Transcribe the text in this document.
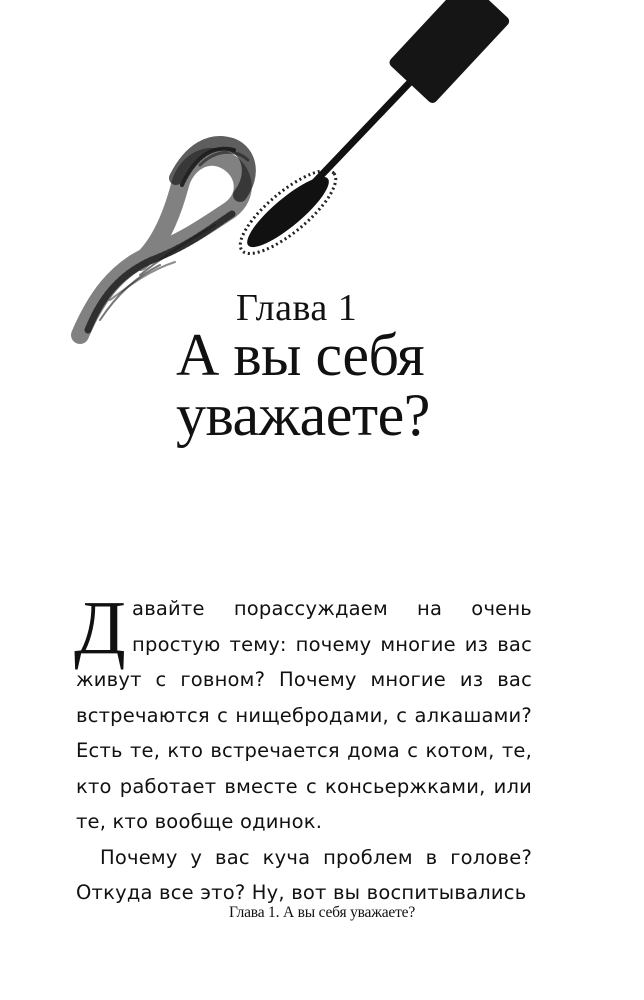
Глава 1
А вы себя
уважаете?

Давайте порассуждаем на очень простую тему: почему многие из вас живут с говном? Почему многие из вас встречаются с нищебродами, с алкашами? Есть те, кто встречается дома с котом, те, кто работает вместе с консьержками, или те, кто вообще одинок.

Почему у вас куча проблем в голове? Откуда все это? Ну, вот вы воспитывались

Глава 1. А вы себя уважаете?
